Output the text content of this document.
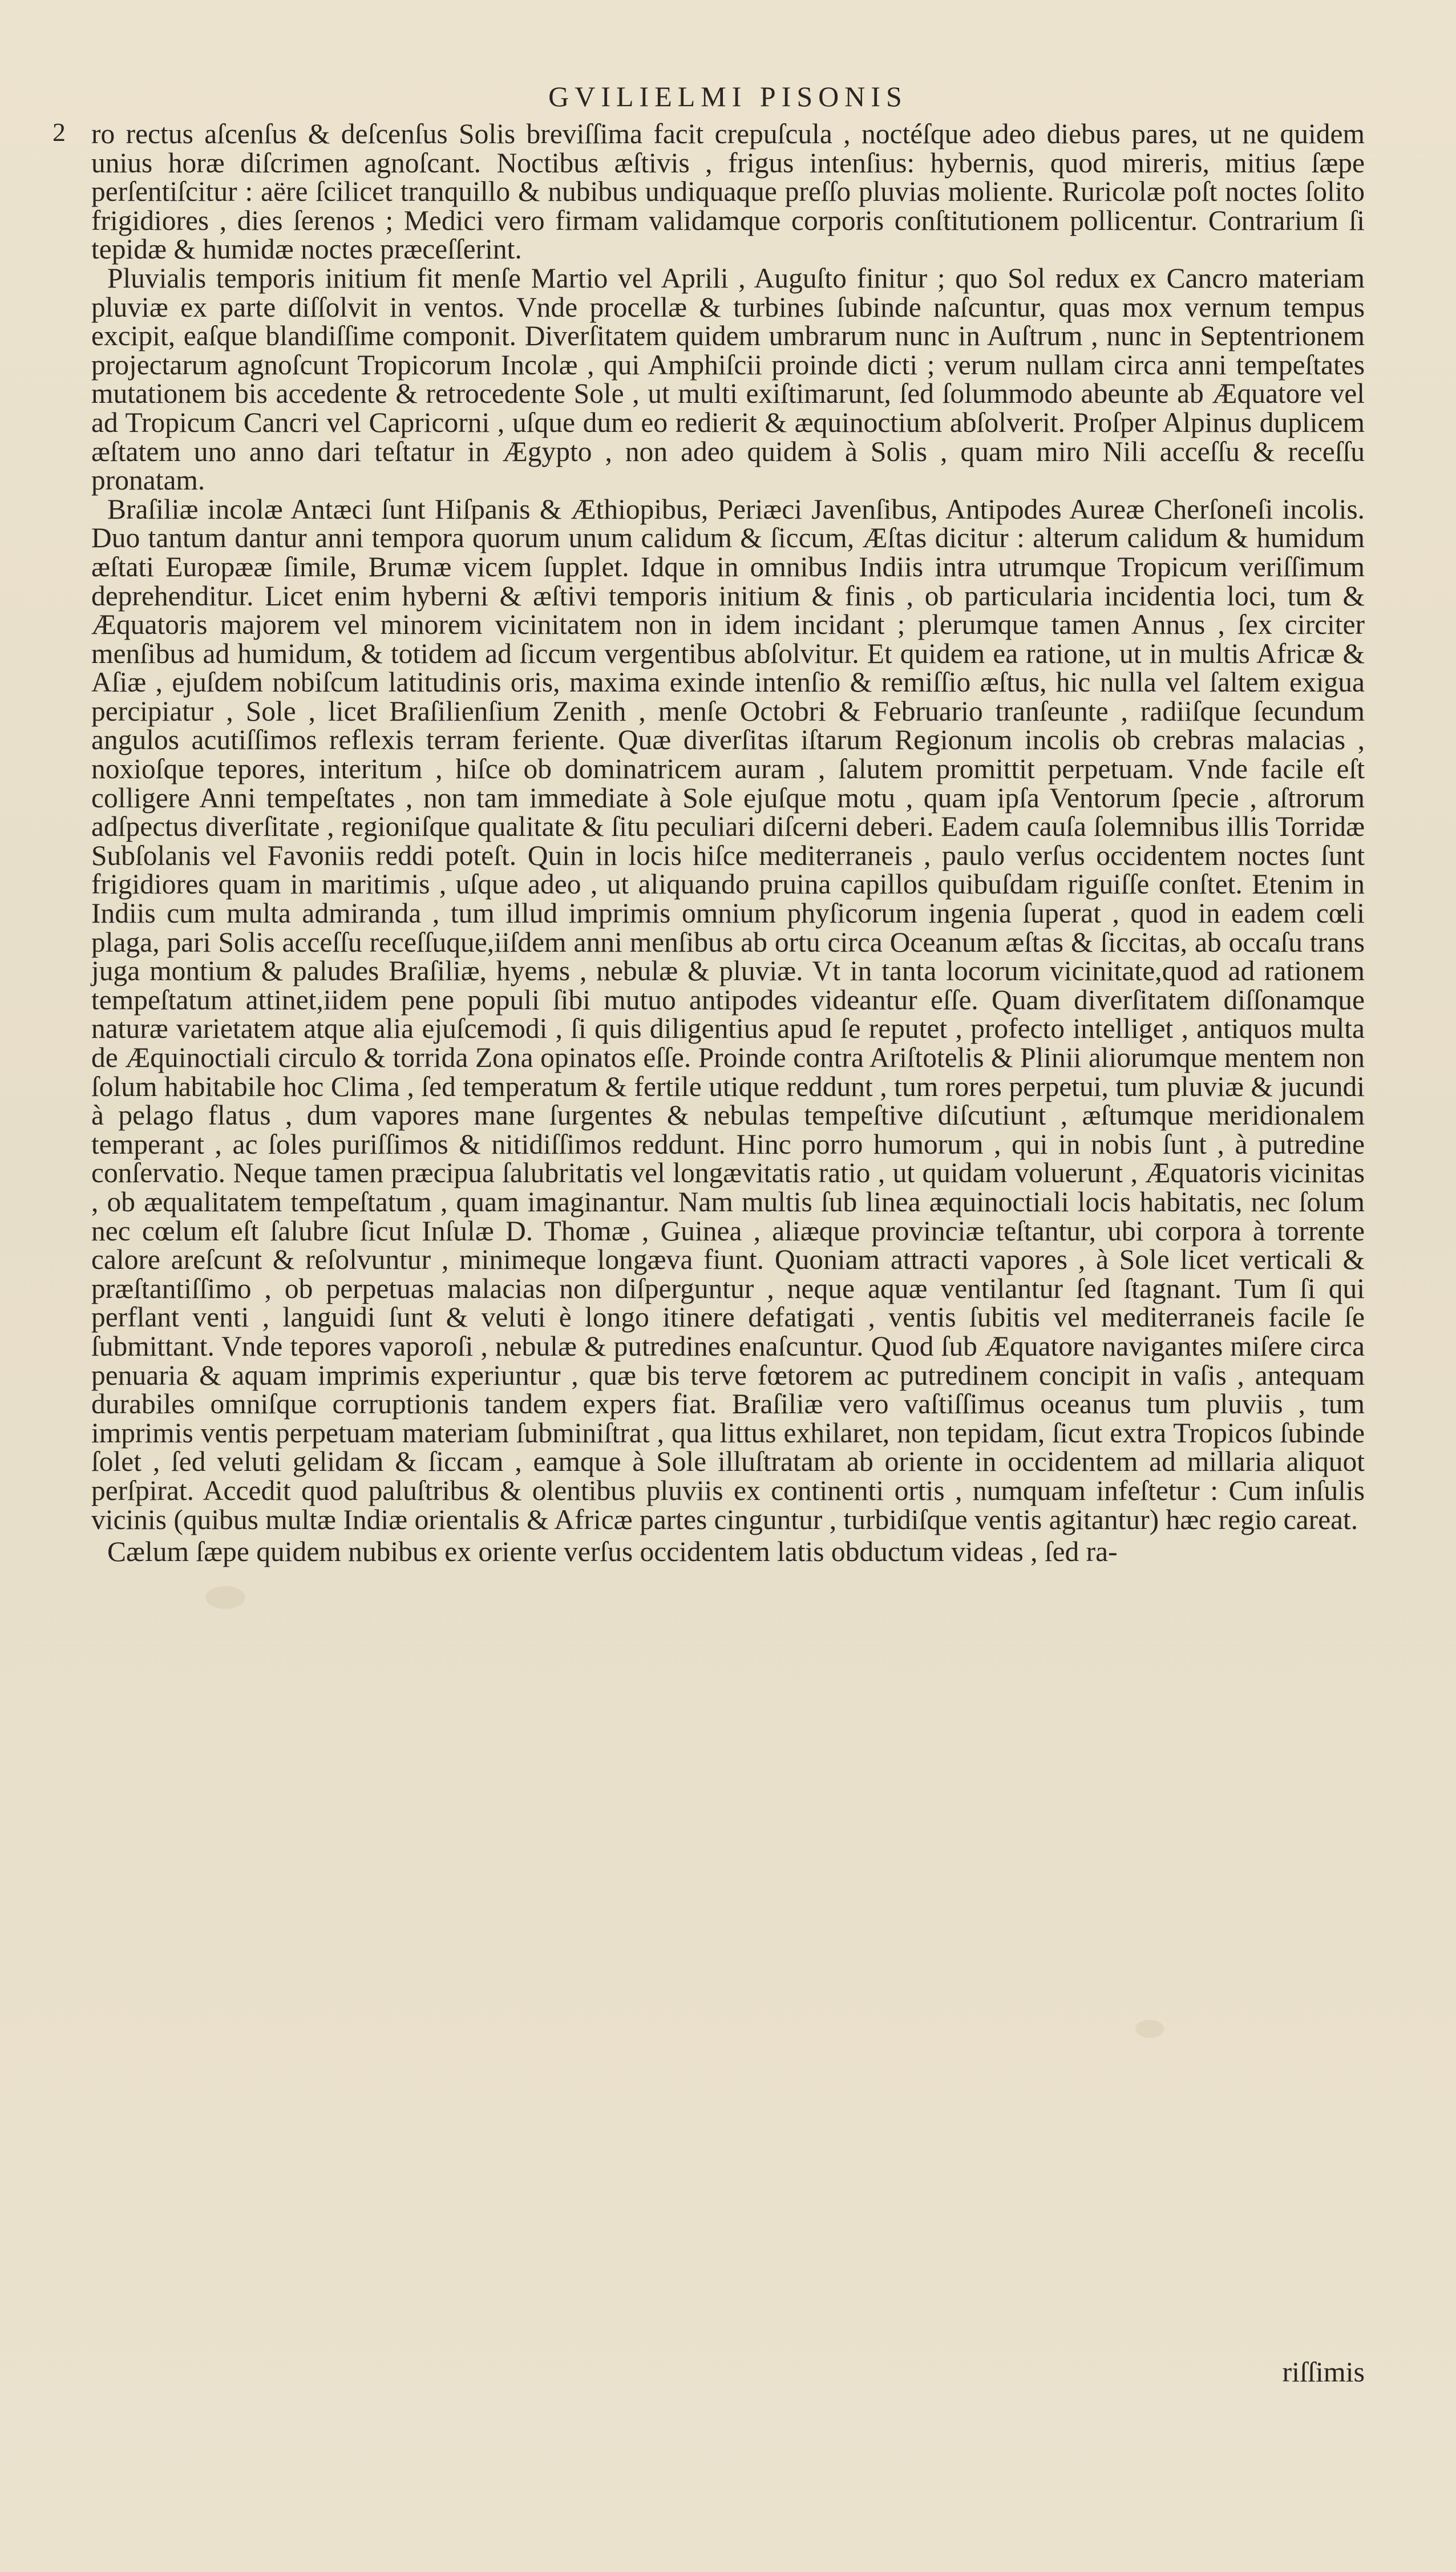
GVILIELMI PISONIS
2 ro rectus aſcenſus & deſcenſus Solis breviſſima facit crepuſcula , noctéſque adeo diebus pares, ut ne quidem unius horæ diſcrimen agnoſcant. Noctibus æſtivis , frigus intenſius: hybernis, quod mireris, mitius ſæpe perſentiſcitur : aëre ſcilicet tranquillo & nubibus undiquaque preſſo pluvias moliente. Ruricolæ poſt noctes ſolito frigidiores , dies ſerenos ; Medici vero firmam validamque corporis conſtitutionem pollicentur. Contrarium ſi tepidæ & humidæ noctes præceſſerint.

Pluvialis temporis initium fit menſe Martio vel Aprili , Auguſto finitur ; quo Sol redux ex Cancro materiam pluviæ ex parte diſſolvit in ventos. Vnde procellæ & turbines ſubinde naſcuntur, quas mox vernum tempus excipit, eaſque blandiſſime componit. Diverſitatem quidem umbrarum nunc in Auſtrum , nunc in Septentrionem projectarum agnoſcunt Tropicorum Incolæ , qui Amphiſcii proinde dicti ; verum nullam circa anni tempeſtates mutationem bis accedente & retrocedente Sole , ut multi exiſtimarunt, ſed ſolummodo abeunte ab Æquatore vel ad Tropicum Cancri vel Capricorni , uſque dum eo redierit & æquinoctium abſolverit. Proſper Alpinus duplicem æſtatem uno anno dari teſtatur in Ægypto , non adeo quidem à Solis , quam miro Nili acceſſu & receſſu pronatam.

Braſiliæ incolæ Antæci ſunt Hiſpanis & Æthiopibus, Periæci Javenſibus, Antipodes Aureæ Cherſoneſi incolis. Duo tantum dantur anni tempora quorum unum calidum & ſiccum, Æſtas dicitur : alterum calidum & humidum æſtati Europææ ſimile, Brumæ vicem ſupplet. Idque in omnibus Indiis intra utrumque Tropicum veriſſimum deprehenditur. Licet enim hyberni & æſtivi temporis initium & finis , ob particularia incidentia loci, tum & Æquatoris majorem vel minorem vicinitatem non in idem incidant ; plerumque tamen Annus , ſex circiter menſibus ad humidum, & totidem ad ſiccum vergentibus abſolvitur. Et quidem ea ratione, ut in multis Africæ & Aſiæ , ejuſdem nobiſcum latitudinis oris, maxima exinde intenſio & remiſſio æſtus, hic nulla vel ſaltem exigua percipiatur , Sole , licet Braſilienſium Zenith , menſe Octobri & Februario tranſeunte , radiiſque ſecundum angulos acutiſſimos reflexis terram feriente. Quæ diverſitas iſtarum Regionum incolis ob crebras malacias , noxioſque tepores, interitum , hiſce ob dominatricem auram , ſalutem promittit perpetuam. Vnde facile eſt colligere Anni tempeſtates , non tam immediate à Sole ejuſque motu , quam ipſa Ventorum ſpecie , aſtrorum adſpectus diverſitate , regioniſque qualitate & ſitu peculiari diſcerni deberi. Eadem cauſa ſolemnibus illis Torridæ Subſolanis vel Favoniis reddi poteſt. Quin in locis hiſce mediterraneis , paulo verſus occidentem noctes ſunt frigidiores quam in maritimis , uſque adeo , ut aliquando pruina capillos quibuſdam riguiſſe conſtet. Etenim in Indiis cum multa admiranda , tum illud imprimis omnium phyſicorum ingenia ſuperat , quod in eadem cœli plaga, pari Solis acceſſu receſſuque,iiſdem anni menſibus ab ortu circa Oceanum æſtas & ſiccitas, ab occaſu trans juga montium & paludes Braſiliæ, hyems , nebulæ & pluviæ. Vt in tanta locorum vicinitate,quod ad rationem tempeſtatum attinet,iidem pene populi ſibi mutuo antipodes videantur eſſe. Quam diverſitatem diſſonamque naturæ varietatem atque alia ejuſcemodi , ſi quis diligentius apud ſe reputet , profecto intelliget , antiquos multa de Æquinoctiali circulo & torrida Zona opinatos eſſe. Proinde contra Ariſtotelis & Plinii aliorumque mentem non ſolum habitabile hoc Clima , ſed temperatum & fertile utique reddunt , tum rores perpetui, tum pluviæ & jucundi à pelago flatus , dum vapores mane ſurgentes & nebulas tempeſtive diſcutiunt , æſtumque meridionalem temperant , ac ſoles puriſſimos & nitidiſſimos reddunt. Hinc porro humorum , qui in nobis ſunt , à putredine conſervatio. Neque tamen præcipua ſalubritatis vel longævitatis ratio , ut quidam voluerunt , Æquatoris vicinitas , ob æqualitatem tempeſtatum , quam imaginantur. Nam multis ſub linea æquinoctiali locis habitatis, nec ſolum nec cœlum eſt ſalubre ſicut Inſulæ D. Thomæ , Guinea , aliæque provinciæ teſtantur, ubi corpora à torrente calore areſcunt & reſolvuntur , minimeque longæva fiunt. Quoniam attracti vapores , à Sole licet verticali & præſtantiſſimo , ob perpetuas malacias non diſperguntur , neque aquæ ventilantur ſed ſtagnant. Tum ſi qui perflant venti , languidi ſunt & veluti è longo itinere defatigati , ventis ſubitis vel mediterraneis facile ſe ſubmittant. Vnde tepores vaporoſi , nebulæ & putredines enaſcuntur. Quod ſub Æquatore navigantes miſere circa penuaria & aquam imprimis experiuntur , quæ bis terve fœtorem ac putredinem concipit in vaſis , antequam durabiles omniſque corruptionis tandem expers fiat. Braſiliæ vero vaſtiſſimus oceanus tum pluviis , tum imprimis ventis perpetuam materiam ſubminiſtrat , qua littus exhilaret, non tepidam, ſicut extra Tropicos ſubinde ſolet , ſed veluti gelidam & ſiccam , eamque à Sole illuſtratam ab oriente in occidentem ad millaria aliquot perſpirat. Accedit quod paluſtribus & olentibus pluviis ex continenti ortis , numquam infeſtetur : Cum inſulis vicinis (quibus multæ Indiæ orientalis & Africæ partes cinguntur , turbidiſque ventis agitantur) hæc regio careat.

Cælum ſæpe quidem nubibus ex oriente verſus occidentem latis obductum videas , ſed ra-

riſſimis
